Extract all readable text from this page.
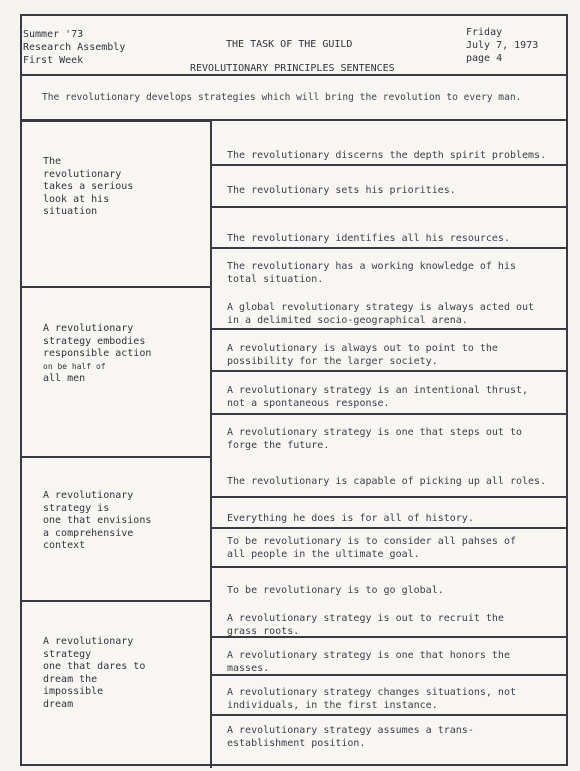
Summer '73
Research Assembly
First Week
THE TASK OF THE GUILD
REVOLUTIONARY PRINCIPLES SENTENCES
Friday
July 7, 1973
page 4
The revolutionary develops strategies which will bring the revolution to every man.
The
revolutionary
takes a serious
look at his
situation
A revolutionary
strategy embodies
responsible action
on be half of
all men
A revolutionary
strategy is
one that envisions
a comprehensive
context
A revolutionary
strategy
one that dares to
dream the
impossible
dream
The revolutionary discerns the depth spirit problems.
The revolutionary sets his priorities.
The revolutionary identifies all his resources.
The revolutionary has a working knowledge of his
total situation.
A global revolutionary strategy is always acted out
in a delimited socio-geographical arena.
A revolutionary is always out to point to the
possibility for the larger society.
A revolutionary strategy is an intentional thrust,
not a spontaneous response.
A revolutionary strategy is one that steps out to
forge the future.
The revolutionary is capable of picking up all roles.
Everything he does is for all of history.
To be revolutionary is to consider all pahses of
all people in the ultimate goal.
To be revolutionary is to go global.
A revolutionary strategy is out to recruit the
grass roots.
A revolutionary strategy is one that honors the
masses.
A revolutionary strategy changes situations, not
individuals, in the first instance.
A revolutionary strategy assumes a trans-
establishment position.
